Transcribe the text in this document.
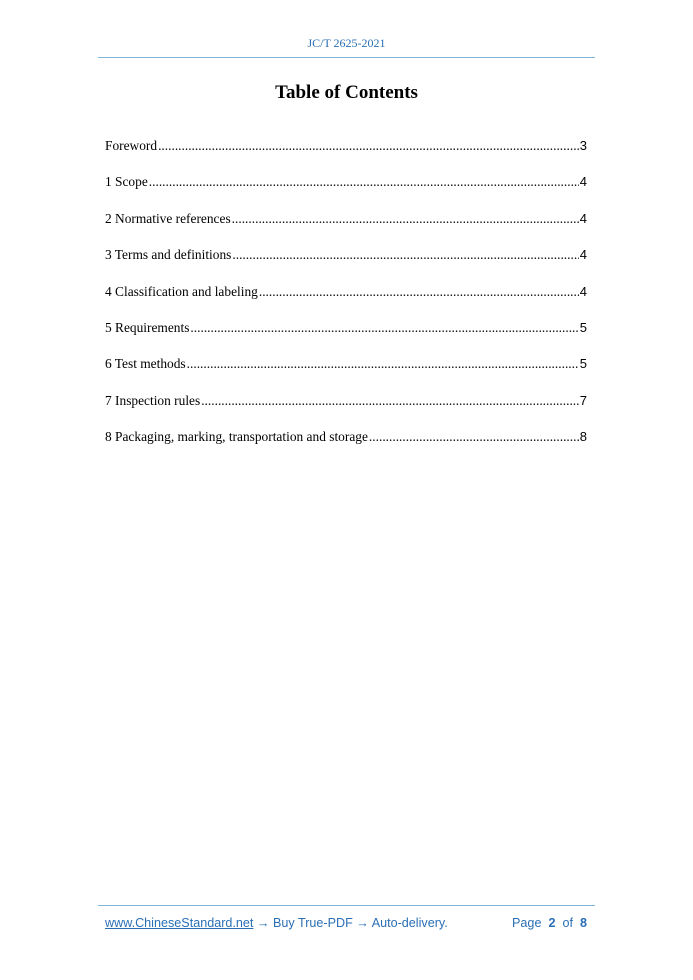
JC/T 2625-2021
Table of Contents
Foreword .....	3
1 Scope .....	4
2 Normative references .....	4
3 Terms and definitions .....	4
4 Classification and labeling .....	4
5 Requirements .....	5
6 Test methods .....	5
7 Inspection rules .....	7
8 Packaging, marking, transportation and storage .....	8
www.ChineseStandard.net → Buy True-PDF → Auto-delivery.	Page 2 of 8
